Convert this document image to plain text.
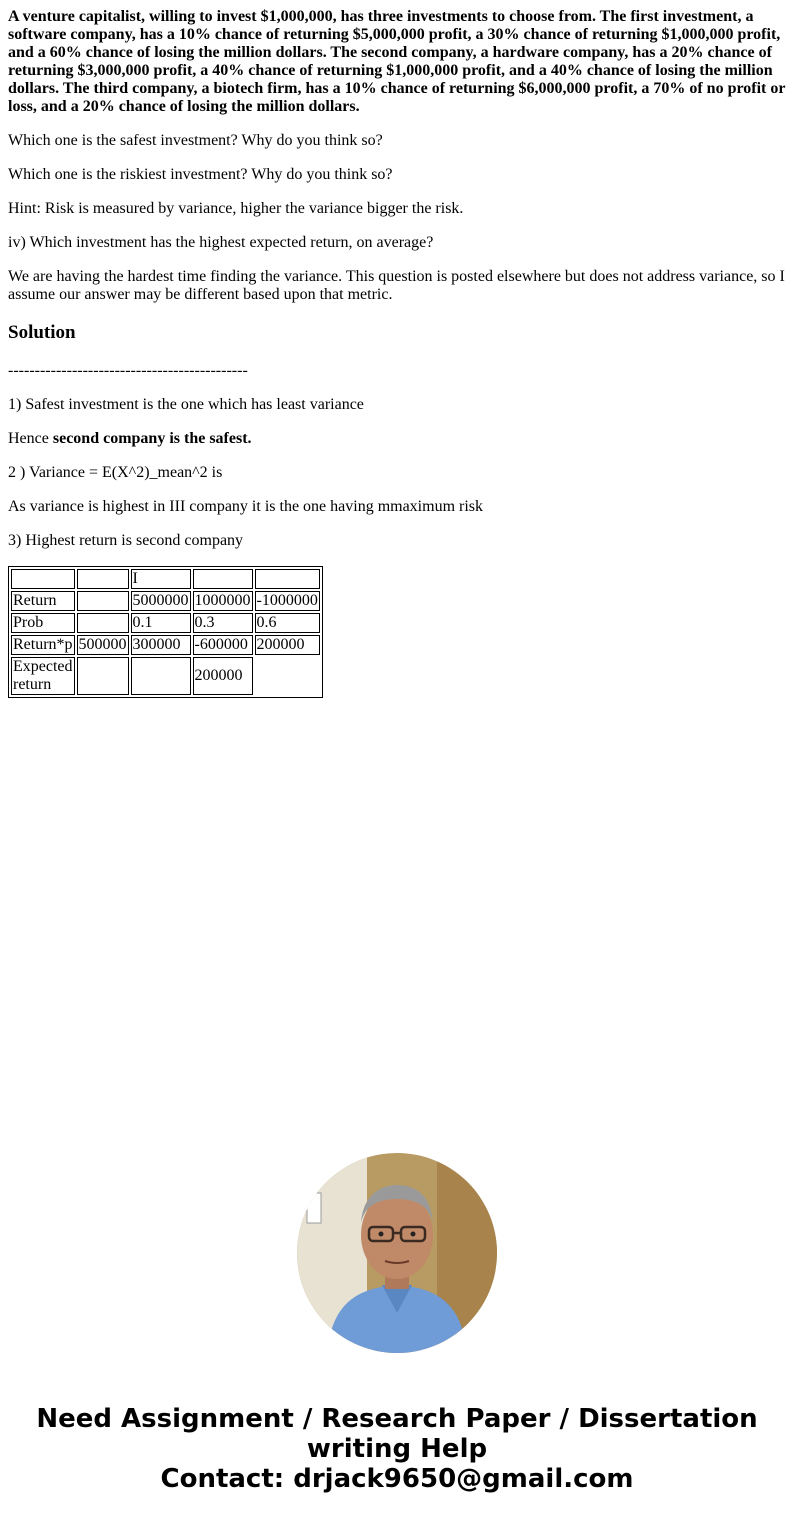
A venture capitalist, willing to invest $1,000,000, has three investments to choose from. The first investment, a software company, has a 10% chance of returning $5,000,000 profit, a 30% chance of returning $1,000,000 profit, and a 60% chance of losing the million dollars. The second company, a hardware company, has a 20% chance of returning $3,000,000 profit, a 40% chance of returning $1,000,000 profit, and a 40% chance of losing the million dollars. The third company, a biotech firm, has a 10% chance of returning $6,000,000 profit, a 70% of no profit or loss, and a 20% chance of losing the million dollars.

Which one is the safest investment? Why do you think so?

Which one is the riskiest investment? Why do you think so?

Hint: Risk is measured by variance, higher the variance bigger the risk.

iv) Which investment has the highest expected return, on average?

We are having the hardest time finding the variance. This question is posted elsewhere but does not address variance, so I assume our answer may be different based upon that metric.

Solution

---------------------------------------------

1) Safest investment is the one which has least variance

Hence second company is the safest.

2 ) Variance = E(X^2)_mean^2 is

As variance is highest in III company it is the one having mmaximum risk

3) Highest return is second company

		I		
Return		5000000	1000000	-1000000
Prob		0.1	0.3	0.6
Return*p	500000	300000	-600000	200000
Expected return			200000	
Need Assignment / Research Paper / Dissertation
writing Help
Contact: drjack9650@gmail.com
